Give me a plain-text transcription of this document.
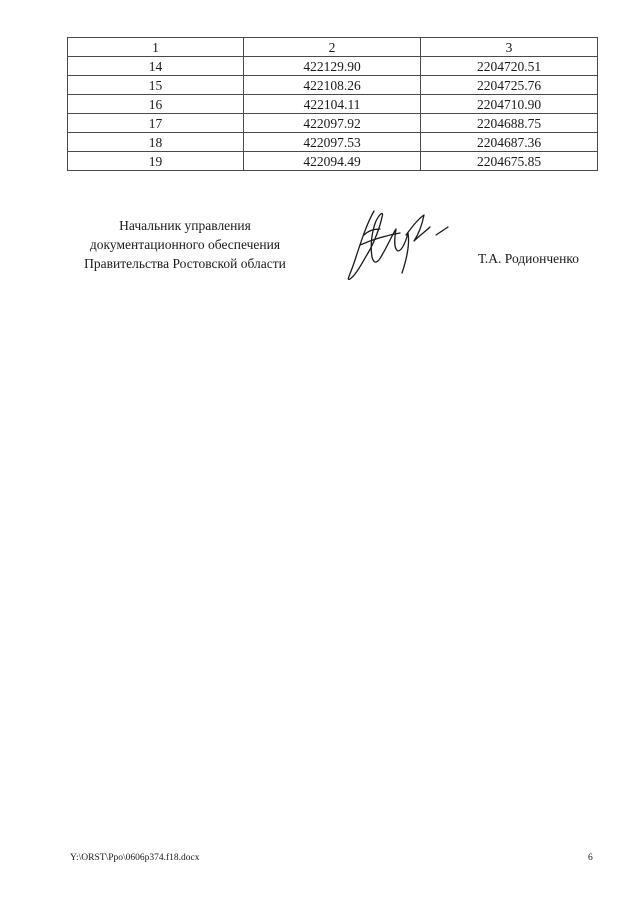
1	2	3
14	422129.90	2204720.51
15	422108.26	2204725.76
16	422104.11	2204710.90
17	422097.92	2204688.75
18	422097.53	2204687.36
19	422094.49	2204675.85
Начальник управления
документационного обеспечения
Правительства Ростовской области	Т.А. Родионченко
Y:\ORST\Ppo\0606p374.f18.docx	6
